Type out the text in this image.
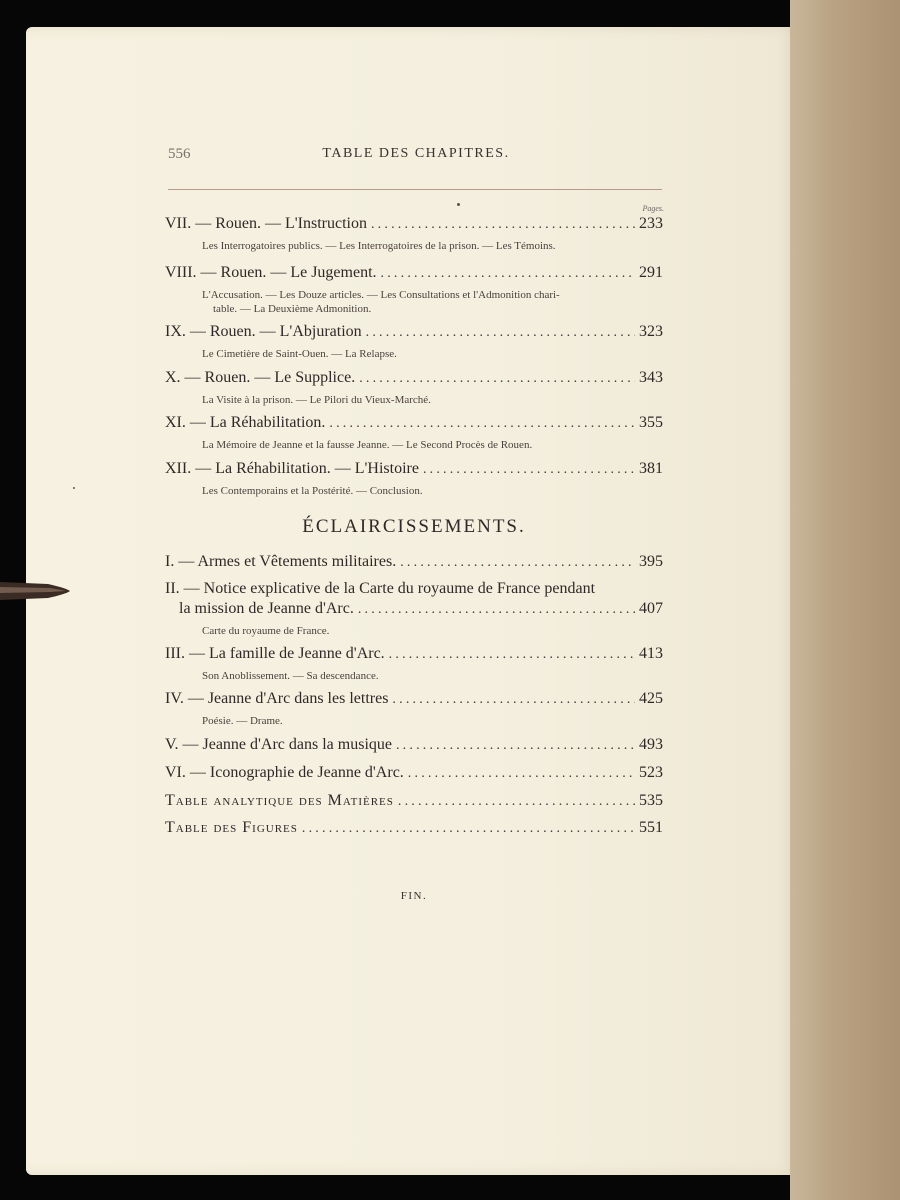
556	TABLE DES CHAPITRES.
Pages.
VII. — Rouen. — L'Instruction .....	233
Les Interrogatoires publics. — Les Interrogatoires de la prison. — Les Témoins.
VIII. — Rouen. — Le Jugement. .....	291
L'Accusation. — Les Douze articles. — Les Consultations et l'Admonition chari-
table. — La Deuxième Admonition.
IX. — Rouen. — L'Abjuration .....	323
Le Cimetière de Saint-Ouen. — La Relapse.
X. — Rouen. — Le Supplice. .....	343
La Visite à la prison. — Le Pilori du Vieux-Marché.
XI. — La Réhabilitation. .....	355
La Mémoire de Jeanne et la fausse Jeanne. — Le Second Procès de Rouen.
XII. — La Réhabilitation. — L'Histoire .....	381
Les Contemporains et la Postérité. — Conclusion.
ÉCLAIRCISSEMENTS.
I. — Armes et Vêtements militaires. .....	395
II. — Notice explicative de la Carte du royaume de France pendant
la mission de Jeanne d'Arc. .....	407
Carte du royaume de France.
III. — La famille de Jeanne d'Arc. .....	413
Son Anoblissement. — Sa descendance.
IV. — Jeanne d'Arc dans les lettres .....	425
Poésie. — Drame.
V. — Jeanne d'Arc dans la musique .....	493
VI. — Iconographie de Jeanne d'Arc. .....	523
Table analytique des Matières .....	535
Table des Figures .....	551
FIN.
